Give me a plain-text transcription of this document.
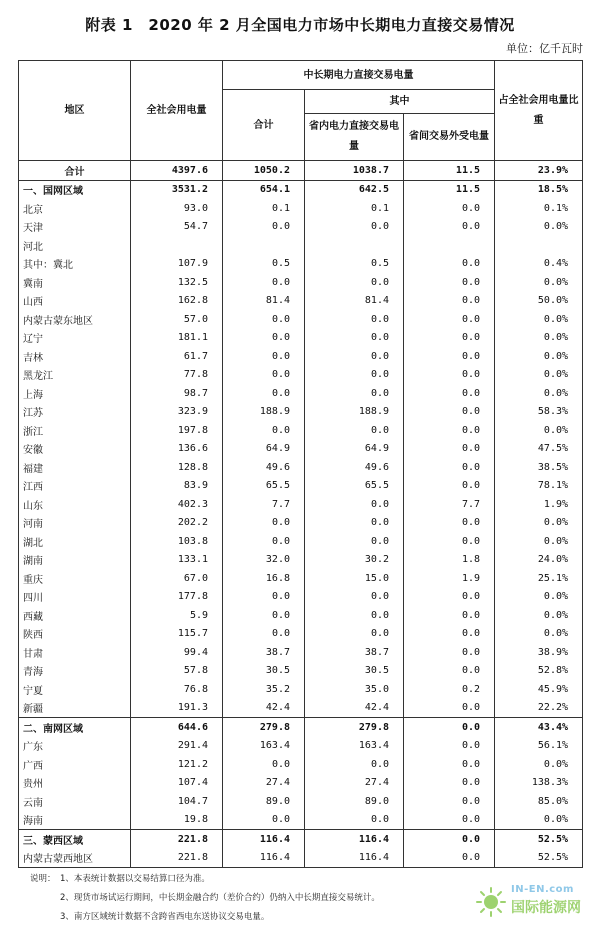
附表 1　2020 年 2 月全国电力市场中长期电力直接交易情况
单位：亿千瓦时
地区	全社会用电量	中长期电力直接交易电量			占全社会用电量比重
		合计	其中		
			省内电力直接交易电量	省间交易外受电量	
合计	4397.6	1050.2	1038.7	11.5	23.9%
一、国网区域	3531.2	654.1	642.5	11.5	18.5%
北京	93.0	0.1	0.1	0.0	0.1%
天津	54.7	0.0	0.0	0.0	0.0%
河北					
其中：冀北	107.9	0.5	0.5	0.0	0.4%
冀南	132.5	0.0	0.0	0.0	0.0%
山西	162.8	81.4	81.4	0.0	50.0%
内蒙古蒙东地区	57.0	0.0	0.0	0.0	0.0%
辽宁	181.1	0.0	0.0	0.0	0.0%
吉林	61.7	0.0	0.0	0.0	0.0%
黑龙江	77.8	0.0	0.0	0.0	0.0%
上海	98.7	0.0	0.0	0.0	0.0%
江苏	323.9	188.9	188.9	0.0	58.3%
浙江	197.8	0.0	0.0	0.0	0.0%
安徽	136.6	64.9	64.9	0.0	47.5%
福建	128.8	49.6	49.6	0.0	38.5%
江西	83.9	65.5	65.5	0.0	78.1%
山东	402.3	7.7	0.0	7.7	1.9%
河南	202.2	0.0	0.0	0.0	0.0%
湖北	103.8	0.0	0.0	0.0	0.0%
湖南	133.1	32.0	30.2	1.8	24.0%
重庆	67.0	16.8	15.0	1.9	25.1%
四川	177.8	0.0	0.0	0.0	0.0%
西藏	5.9	0.0	0.0	0.0	0.0%
陕西	115.7	0.0	0.0	0.0	0.0%
甘肃	99.4	38.7	38.7	0.0	38.9%
青海	57.8	30.5	30.5	0.0	52.8%
宁夏	76.8	35.2	35.0	0.2	45.9%
新疆	191.3	42.4	42.4	0.0	22.2%
二、南网区域	644.6	279.8	279.8	0.0	43.4%
广东	291.4	163.4	163.4	0.0	56.1%
广西	121.2	0.0	0.0	0.0	0.0%
贵州	107.4	27.4	27.4	0.0	138.3%
云南	104.7	89.0	89.0	0.0	85.0%
海南	19.8	0.0	0.0	0.0	0.0%
三、蒙西区域	221.8	116.4	116.4	0.0	52.5%
内蒙古蒙西地区	221.8	116.4	116.4	0.0	52.5%
说明： 1、本表统计数据以交易结算口径为准。
2、现货市场试运行期间，中长期金融合约（差价合约）仍纳入中长期直接交易统计。
3、南方区域统计数据不含跨省西电东送协议交易电量。
IN-EN.com
国际能源网
